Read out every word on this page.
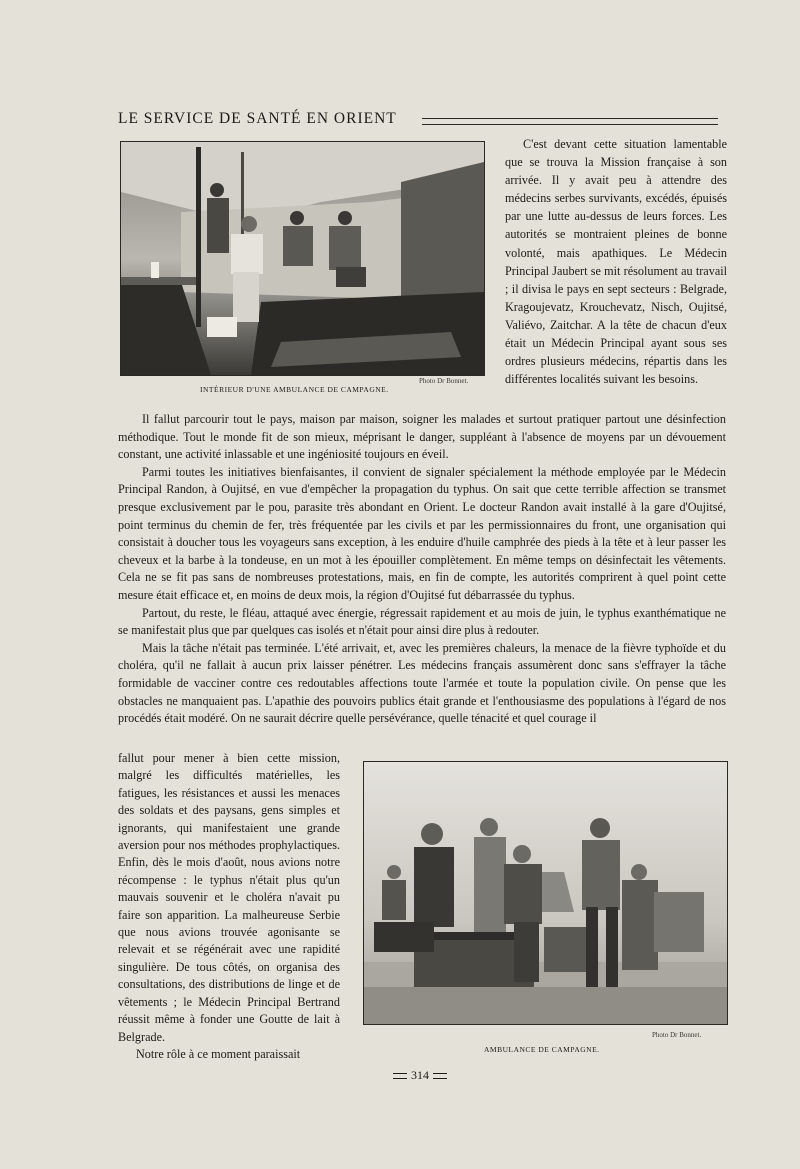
LE SERVICE DE SANTÉ EN ORIENT
Photo Dr Bonnet.
INTÉRIEUR D'UNE AMBULANCE DE CAMPAGNE.

C'est devant cette situation lamentable que se trouva la Mission française à son arrivée. Il y avait peu à attendre des médecins serbes survivants, excédés, épuisés par une lutte au-dessus de leurs forces. Les autorités se montraient pleines de bonne volonté, mais apathiques. Le Médecin Principal Jaubert se mit résolument au travail ; il divisa le pays en sept secteurs : Belgrade, Kragoujevatz, Krouchevatz, Nisch, Oujitsé, Valiévo, Zaitchar. A la tête de chacun d'eux était un Médecin Principal ayant sous ses ordres plusieurs médecins, répartis dans les différentes localités suivant les besoins.

Il fallut parcourir tout le pays, maison par maison, soigner les malades et surtout pratiquer partout une désinfection méthodique. Tout le monde fit de son mieux, méprisant le danger, suppléant à l'absence de moyens par un dévouement constant, une activité inlassable et une ingéniosité toujours en éveil.

Parmi toutes les initiatives bienfaisantes, il convient de signaler spécialement la méthode employée par le Médecin Principal Randon, à Oujitsé, en vue d'empêcher la propagation du typhus. On sait que cette terrible affection se transmet presque exclusivement par le pou, parasite très abondant en Orient. Le docteur Randon avait installé à la gare d'Oujitsé, point terminus du chemin de fer, très fréquentée par les civils et par les permissionnaires du front, une organisation qui consistait à doucher tous les voyageurs sans exception, à les enduire d'huile camphrée des pieds à la tête et à leur passer les cheveux et la barbe à la tondeuse, en un mot à les épouiller complètement. En même temps on désinfectait les vêtements. Cela ne se fit pas sans de nombreuses protestations, mais, en fin de compte, les autorités comprirent à quel point cette mesure était efficace et, en moins de deux mois, la région d'Oujitsé fut débarrassée du typhus.

Partout, du reste, le fléau, attaqué avec énergie, régressait rapidement et au mois de juin, le typhus exanthématique ne se manifestait plus que par quelques cas isolés et n'était pour ainsi dire plus à redouter.

Mais la tâche n'était pas terminée. L'été arrivait, et, avec les premières chaleurs, la menace de la fièvre typhoïde et du choléra, qu'il ne fallait à aucun prix laisser pénétrer. Les médecins français assumèrent donc sans s'effrayer la tâche formidable de vacciner contre ces redoutables affections toute l'armée et toute la population civile. On pense que les obstacles ne manquaient pas. L'apathie des pouvoirs publics était grande et l'enthousiasme des populations à l'égard de nos procédés était modéré. On ne saurait décrire quelle persévérance, quelle ténacité et quel courage il

fallut pour mener à bien cette mission, malgré les difficultés matérielles, les fatigues, les résistances et aussi les menaces des soldats et des paysans, gens simples et ignorants, qui manifestaient une grande aversion pour nos méthodes prophylactiques. Enfin, dès le mois d'août, nous avions notre récompense : le typhus n'était plus qu'un mauvais souvenir et le choléra n'avait pu faire son apparition. La malheureuse Serbie que nous avions trouvée agonisante se relevait et se régénérait avec une rapidité singulière. De tous côtés, on organisa des consultations, des distributions de linge et de vêtements ; le Médecin Principal Bertrand réussit même à fonder une Goutte de lait à Belgrade.

Notre rôle à ce moment paraissait

Photo Dr Bonnet.
AMBULANCE DE CAMPAGNE.
314
